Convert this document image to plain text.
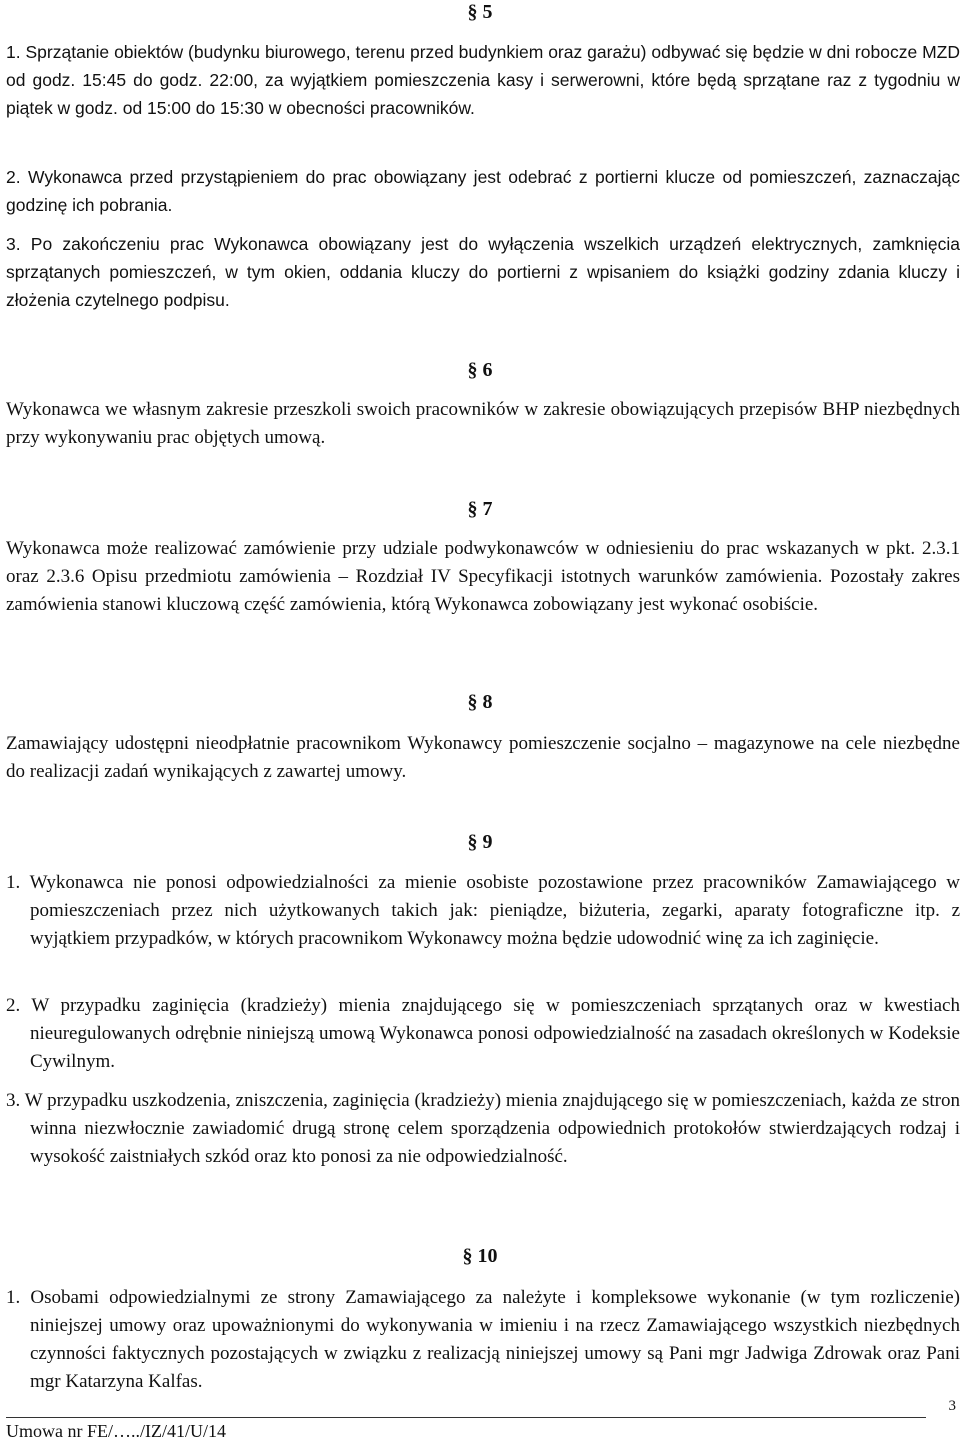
§ 5

1. Sprzątanie obiektów (budynku biurowego, terenu przed budynkiem oraz garażu) odbywać się będzie w dni robocze MZD od godz. 15:45 do godz. 22:00, za wyjątkiem pomieszczenia kasy i serwerowni, które będą sprzątane raz z tygodniu w piątek w godz. od 15:00 do 15:30 w obecności pracowników.

2. Wykonawca przed przystąpieniem do prac obowiązany jest odebrać z portierni klucze od pomieszczeń, zaznaczając godzinę ich pobrania.

3. Po zakończeniu prac Wykonawca obowiązany jest do wyłączenia wszelkich urządzeń elektrycznych, zamknięcia sprzątanych pomieszczeń, w tym okien, oddania kluczy do portierni z wpisaniem do książki godziny zdania kluczy i złożenia czytelnego podpisu.

§ 6

Wykonawca we własnym zakresie przeszkoli swoich pracowników w zakresie obowiązujących przepisów BHP niezbędnych przy wykonywaniu prac objętych umową.

§ 7

Wykonawca może realizować zamówienie przy udziale podwykonawców w odniesieniu do prac wskazanych w pkt. 2.3.1 oraz 2.3.6 Opisu przedmiotu zamówienia – Rozdział IV Specyfikacji istotnych warunków zamówienia. Pozostały zakres zamówienia stanowi kluczową część zamówienia, którą Wykonawca zobowiązany jest wykonać osobiście.

§ 8

Zamawiający udostępni nieodpłatnie pracownikom Wykonawcy pomieszczenie socjalno – magazynowe na cele niezbędne do realizacji zadań wynikających z zawartej umowy.

§ 9

1. Wykonawca nie ponosi odpowiedzialności za mienie osobiste pozostawione przez pracowników Zamawiającego w pomieszczeniach przez nich użytkowanych takich jak: pieniądze, biżuteria, zegarki, aparaty fotograficzne itp. z wyjątkiem przypadków, w których pracownikom Wykonawcy można będzie udowodnić winę za ich zaginięcie.

2. W przypadku zaginięcia (kradzieży) mienia znajdującego się w pomieszczeniach sprzątanych oraz w kwestiach nieuregulowanych odrębnie niniejszą umową Wykonawca ponosi odpowiedzialność na zasadach określonych w Kodeksie Cywilnym.

3. W przypadku uszkodzenia, zniszczenia, zaginięcia (kradzieży) mienia znajdującego się w pomieszczeniach, każda ze stron winna niezwłocznie zawiadomić drugą stronę celem sporządzenia odpowiednich protokołów stwierdzających rodzaj i wysokość zaistniałych szkód oraz kto ponosi za nie odpowiedzialność.

§ 10

1. Osobami odpowiedzialnymi ze strony Zamawiającego za należyte i kompleksowe wykonanie (w tym rozliczenie) niniejszej umowy oraz upoważnionymi do wykonywania w imieniu i na rzecz Zamawiającego wszystkich niezbędnych czynności faktycznych pozostających w związku z realizacją niniejszej umowy są Pani mgr Jadwiga Zdrowak oraz Pani mgr Katarzyna Kalfas.

3
Umowa nr FE/…../IZ/41/U/14
